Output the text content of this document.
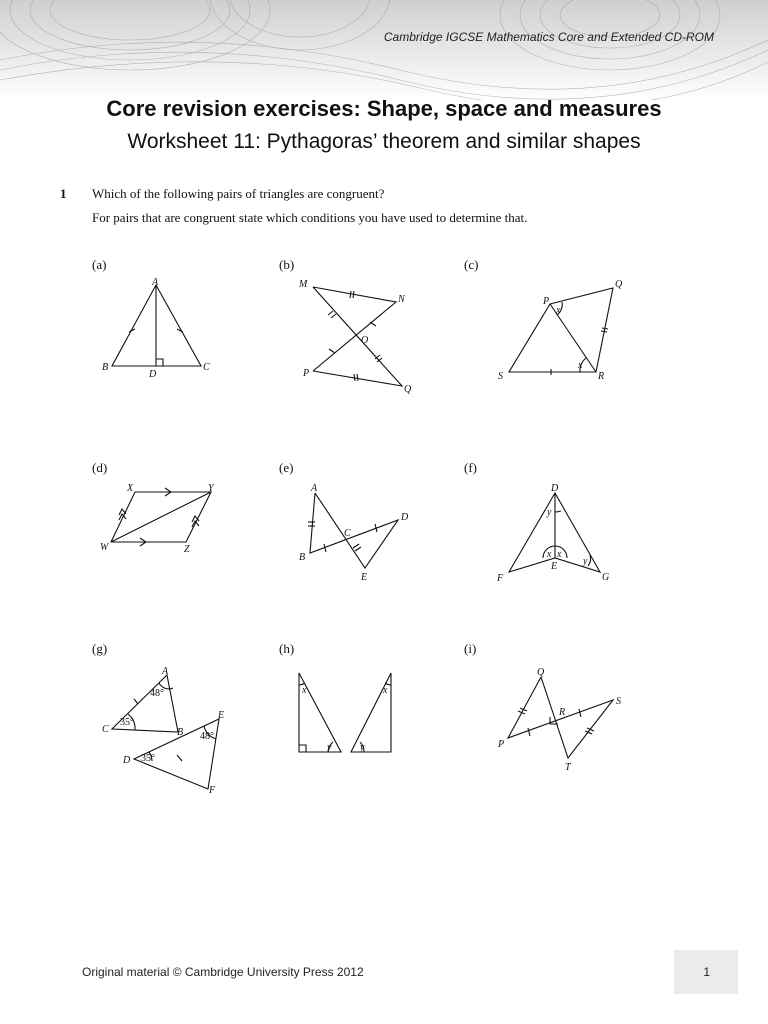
Cambridge IGCSE Mathematics Core and Extended CD-ROM
Core revision exercises: Shape, space and measures
Worksheet 11: Pythagoras’ theorem and similar shapes
1 Which of the following pairs of triangles are congruent?
For pairs that are congruent state which conditions you have used to determine that.
(a)	(b)	(c)
(d)	(e)	(f)
(g)	(h)	(i)
A
B	C
D
M
N
O
P
Q
P
Q
S	R
x
x
X	Y
W	Z
A
D
C
B
E
D
E
F	G
y
x x
y
A
C	B
E
D
F
48°
35°
48°
35°
x
y
x
y
Q
S
R
P
T
Original material © Cambridge University Press 2012	1
